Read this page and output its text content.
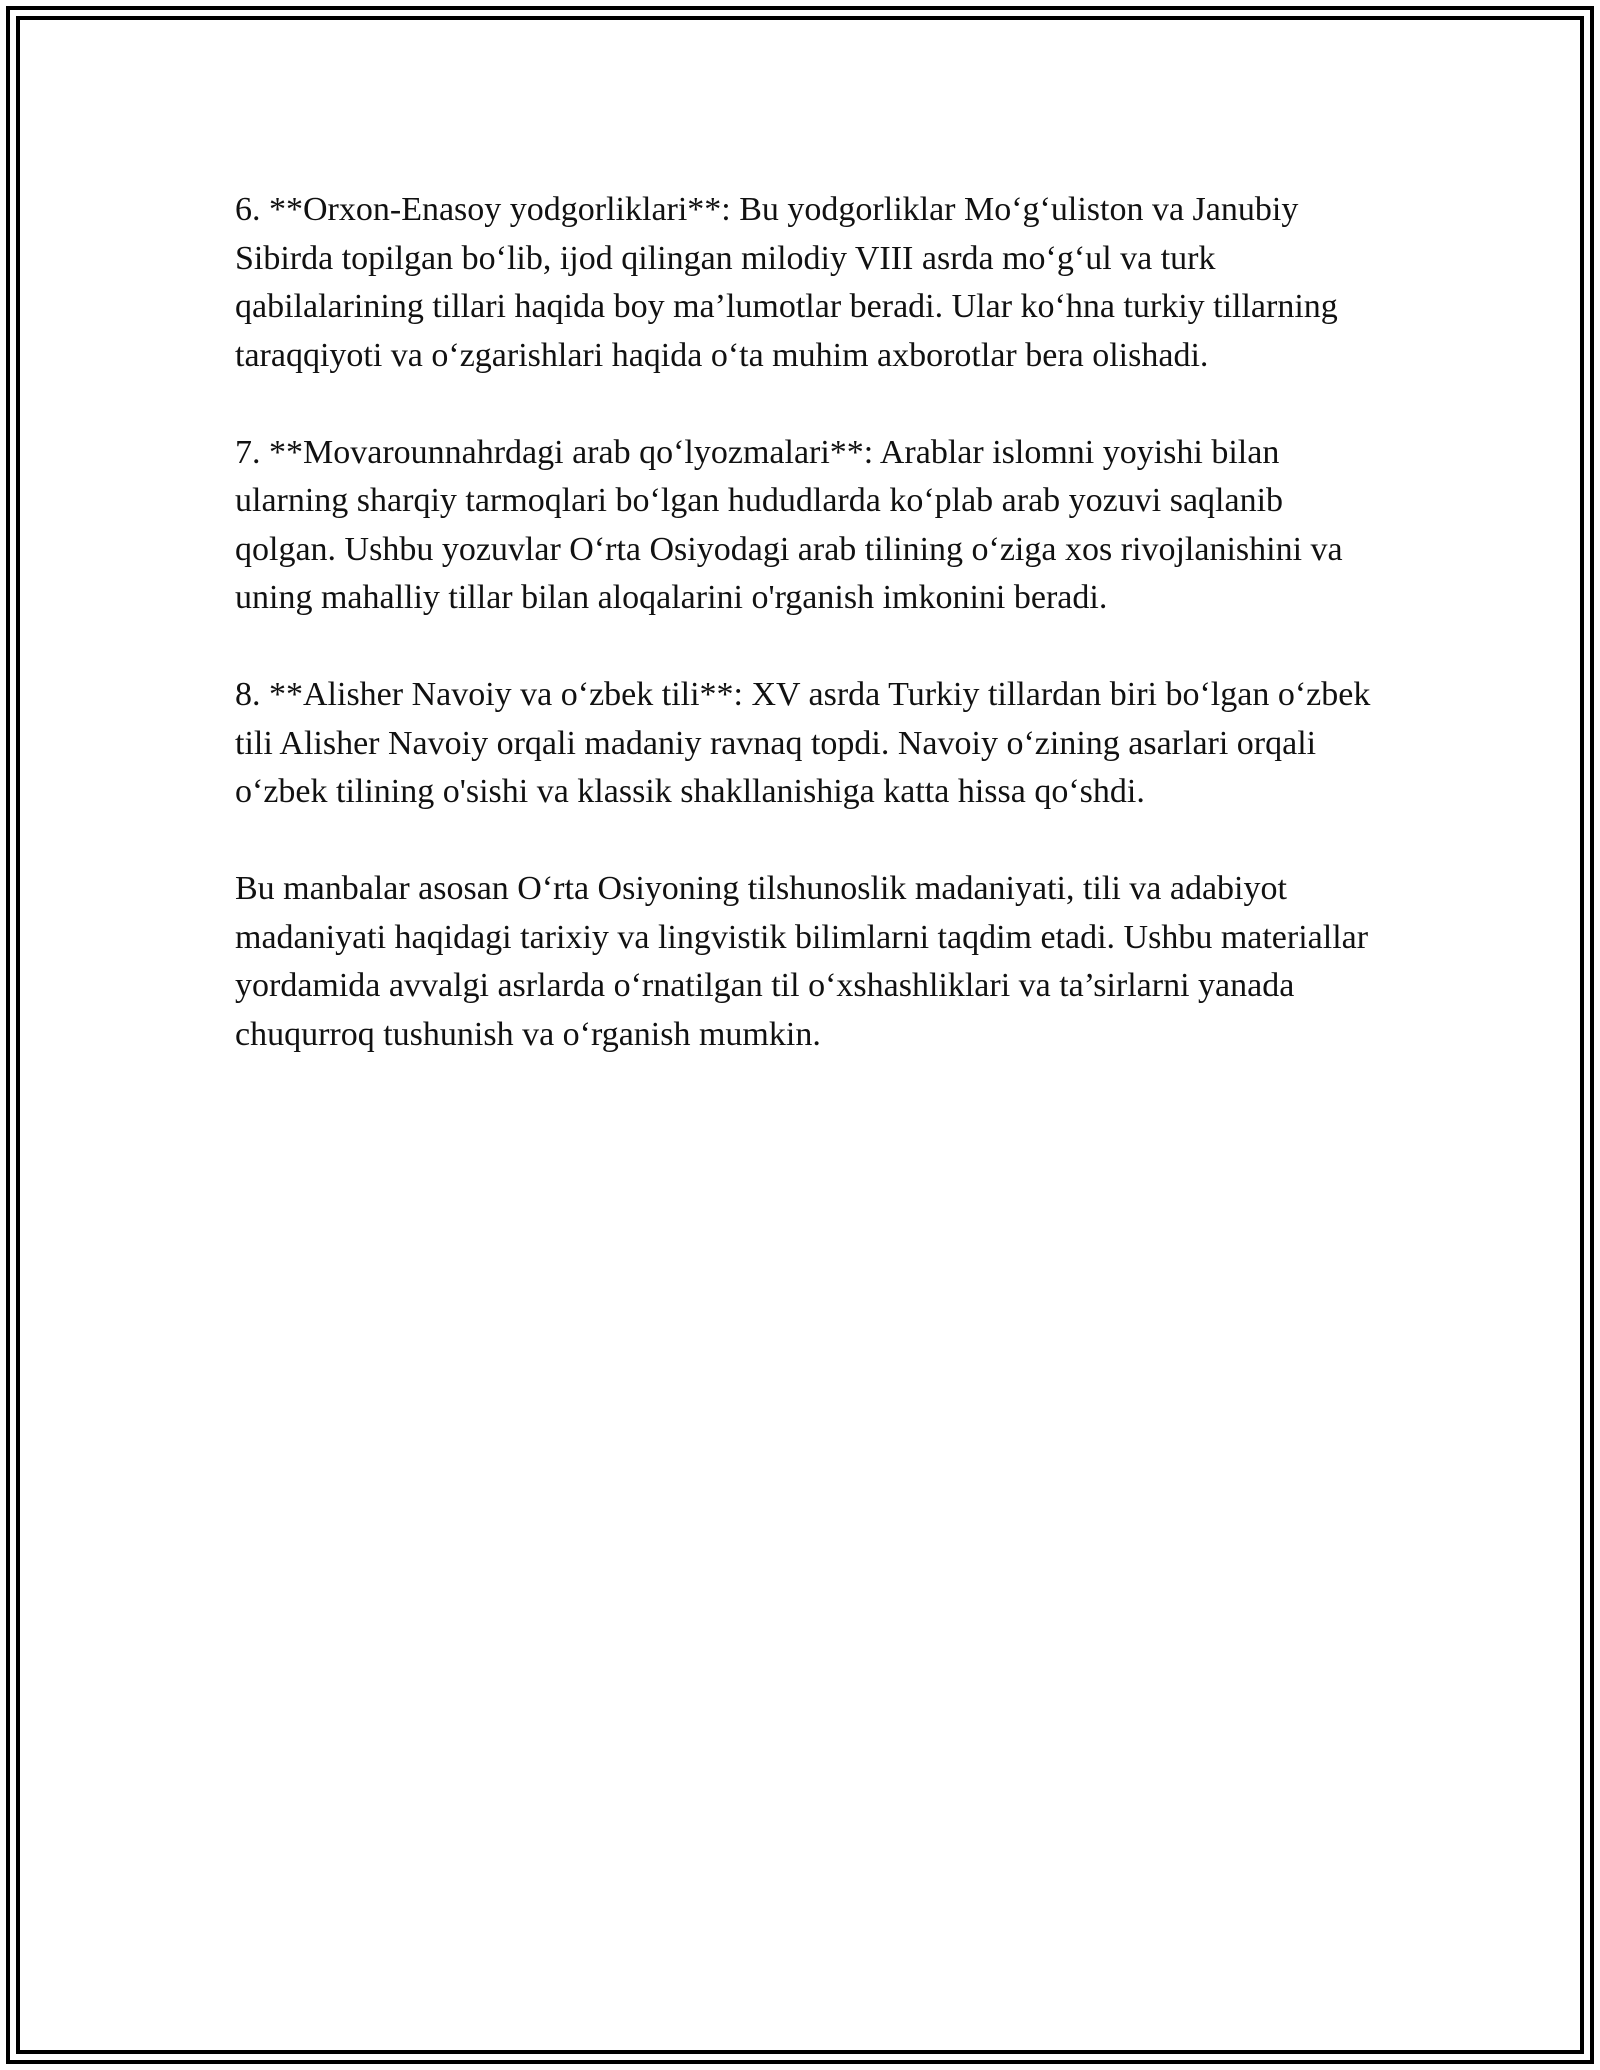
6. **Orxon-Enasoy yodgorliklari**: Bu yodgorliklar Mo‘g‘uliston va Janubiy Sibirda topilgan bo‘lib, ijod qilingan milodiy VIII asrda mo‘g‘ul va turk qabilalarining tillari haqida boy ma’lumotlar beradi. Ular ko‘hna turkiy tillarning taraqqiyoti va o‘zgarishlari haqida o‘ta muhim axborotlar bera olishadi.

7. **Movarounnahrdagi arab qo‘lyozmalari**: Arablar islomni yoyishi bilan ularning sharqiy tarmoqlari bo‘lgan hududlarda ko‘plab arab yozuvi saqlanib qolgan. Ushbu yozuvlar O‘rta Osiyodagi arab tilining o‘ziga xos rivojlanishini va uning mahalliy tillar bilan aloqalarini o'rganish imkonini beradi.

8. **Alisher Navoiy va o‘zbek tili**: XV asrda Turkiy tillardan biri bo‘lgan o‘zbek tili Alisher Navoiy orqali madaniy ravnaq topdi. Navoiy o‘zining asarlari orqali o‘zbek tilining o'sishi va klassik shakllanishiga katta hissa qo‘shdi.

Bu manbalar asosan O‘rta Osiyoning tilshunoslik madaniyati, tili va adabiyot madaniyati haqidagi tarixiy va lingvistik bilimlarni taqdim etadi. Ushbu materiallar yordamida avvalgi asrlarda o‘rnatilgan til o‘xshashliklari va ta’sirlarni yanada chuqurroq tushunish va o‘rganish mumkin.
